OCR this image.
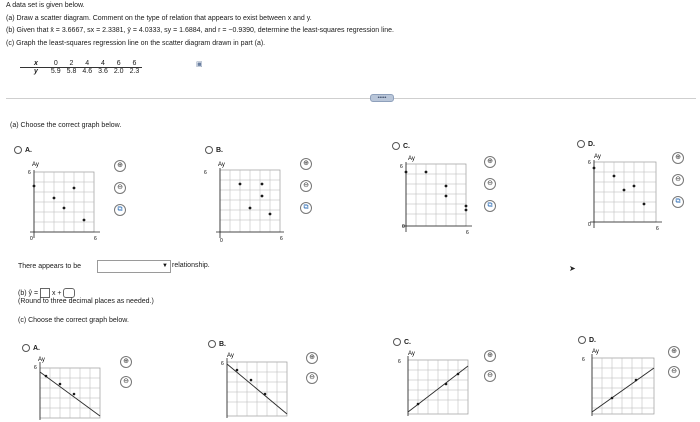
A data set is given below.
(a) Draw a scatter diagram. Comment on the type of relation that appears to exist between x and y.
(b) Given that x̄ = 3.6667, sx = 2.3381, ȳ = 4.0333, sy = 1.6884, and r = −0.9390, determine the least-squares regression line.
(c) Graph the least-squares regression line on the scatter diagram drawn in part (a).
x	0	2	4	4	6	6
y	5.9	5.8	4.6	3.6	2.0	2.3
▣
•••••
(a) Choose the correct graph below.
A.	B.
C.	D.
Ay
6
0	6
Ay
6
0	6
Ay
6
0
6
Ay
6
0
6
⊕
⊖
⧉
⊕
⊖
⧉
⊕
⊖
⧉
⊕
⊖
⧉
There appears to be	▼ relationship.	➤
(b) ŷ = x +
(Round to three decimal places as needed.)
(c) Choose the correct graph below.
A.
B.	C.	D.
Ay
6
Ay
6
Ay
6
Ay
6
⊕
⊖
⊕
⊖
⊕
⊖
⊕
⊖
